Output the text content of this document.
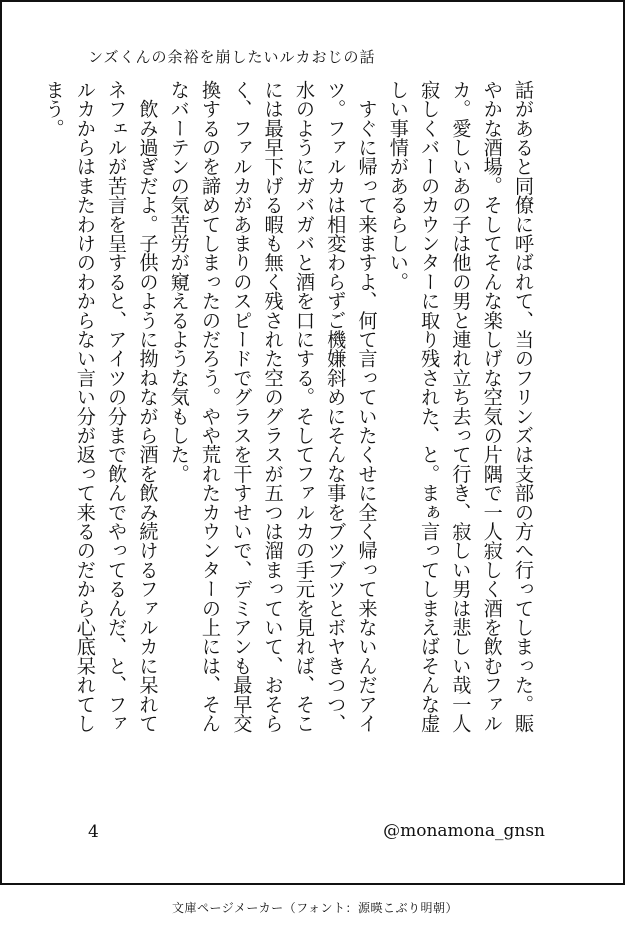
ンズくんの余裕を崩したいルカおじの話

話があると同僚に呼ばれて、当のフリンズは支部の方へ行ってしまった。賑やかな酒場。そしてそんな楽しげな空気の片隅で一人寂しく酒を飲むファルカ。愛しいあの子は他の男と連れ立ち去って行き、寂しい男は悲しい哉一人寂しくバーのカウンターに取り残された、と。まぁ言ってしまえばそんな虚しい事情があるらしい。

　すぐに帰って来ますよ、何て言っていたくせに全く帰って来ないんだアイツ。ファルカは相変わらずご機嫌斜めにそんな事をブツブツとボヤきつつ、水のようにガバガバと酒を口にする。そしてファルカの手元を見れば、そこには最早下げる暇も無く残された空のグラスが五つは溜まっていて、おそらく、ファルカがあまりのスピードでグラスを干すせいで、デミアンも最早交換するのを諦めてしまったのだろう。やや荒れたカウンターの上には、そんなバーテンの気苦労が窺えるような気もした。

　飲み過ぎだよ。子供のように拗ねながら酒を飲み続けるファルカに呆れてネフェルが苦言を呈すると、アイツの分まで飲んでやってるんだ、と、ファルカからはまたわけのわからない言い分が返って来るのだから心底呆れてしまう。

4	@monamona_gnsn
文庫ページメーカー（フォント：源暎こぶり明朝）
